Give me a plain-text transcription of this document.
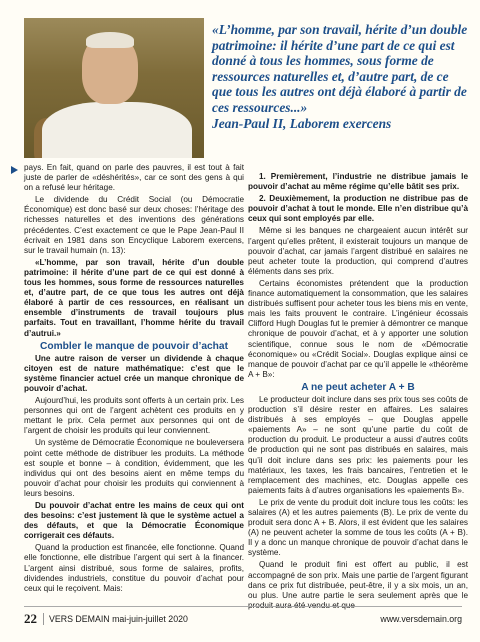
«L’homme, par son travail, hérite d’un double patrimoine: il hérite d’une part de ce qui est donné à tous les hommes, sous forme de ressources naturelles et, d’autre part, de ce que tous les autres ont déjà élaboré à partir de ces ressources...»
Jean-Paul II, Laborem exercens

pays. En fait, quand on parle des pauvres, il est tout à fait juste de parler de «déshérités», car ce sont des gens à qui on a refusé leur héritage.

Le dividende du Crédit Social (ou Démocratie Économique) est donc basé sur deux choses: l’héritage des richesses naturelles et des inventions des générations précédentes. C’est exactement ce que le Pape Jean-Paul II écrivait en 1981 dans son Encyclique Laborem exercens, sur le travail humain (n. 13):

«L’homme, par son travail, hérite d’un double patrimoine: il hérite d’une part de ce qui est donné à tous les hommes, sous forme de ressources naturelles et, d’autre part, de ce que tous les autres ont déjà élaboré à partir de ces ressources, en réalisant un ensemble d’instruments de travail toujours plus parfaits. Tout en travaillant, l’homme hérite du travail d’autrui.»

Combler le manque de pouvoir d’achat

Une autre raison de verser un dividende à chaque citoyen est de nature mathématique: c’est que le système financier actuel crée un manque chronique de pouvoir d’achat.

Aujourd’hui, les produits sont offerts à un certain prix. Les personnes qui ont de l’argent achètent ces produits en y mettant le prix. Cela permet aux personnes qui ont de l’argent de choisir les produits qui leur conviennent.

Un système de Démocratie Économique ne bouleversera point cette méthode de distribuer les produits. La méthode est souple et bonne – à condition, évidemment, que les individus qui ont des besoins aient en même temps du pouvoir d’achat pour choisir les produits qui conviennent à leurs besoins.

Du pouvoir d’achat entre les mains de ceux qui ont des besoins: c’est justement là que le système actuel a des défauts, et que la Démocratie Économique corrigerait ces défauts.

Quand la production est financée, elle fonctionne. Quand elle fonctionne, elle distribue l’argent qui sert à la financer. L’argent ainsi distribué, sous forme de salaires, profits, dividendes industriels, constitue du pouvoir d’achat pour ceux qui le reçoivent. Mais:

1. Premièrement, l’industrie ne distribue jamais le pouvoir d’achat au même régime qu’elle bâtit ses prix.

2. Deuxièmement, la production ne distribue pas de pouvoir d’achat à tout le monde. Elle n’en distribue qu’à ceux qui sont employés par elle.

Même si les banques ne chargeaient aucun intérêt sur l’argent qu’elles prêtent, il existerait toujours un manque de pouvoir d’achat, car jamais l’argent distribué en salaires ne peut acheter toute la production, qui comprend d’autres éléments dans ses prix.

Certains économistes prétendent que la production finance automatiquement la consommation, que les salaires distribués suffisent pour acheter tous les biens mis en vente, mais les faits prouvent le contraire. L’ingénieur écossais Clifford Hugh Douglas fut le premier à démontrer ce manque chronique de pouvoir d’achat, et à y apporter une solution scientifique, connue sous le nom de «Démocratie économique» ou «Crédit Social». Douglas explique ainsi ce manque de pouvoir d’achat par ce qu’il appelle le «théorème A + B»:

A ne peut acheter A + B

Le producteur doit inclure dans ses prix tous ses coûts de production s’il désire rester en affaires. Les salaires distribués à ses employés – que Douglas appelle «paiements A» – ne sont qu’une partie du coût de production du produit. Le producteur a aussi d’autres coûts de production qui ne sont pas distribués en salaires, mais qu’il doit inclure dans ses prix: les paiements pour les matériaux, les taxes, les frais bancaires, l’entretien et le remplacement des machines, etc. Douglas appelle ces paiements faits à d’autres organisations les «paiements B».

Le prix de vente du produit doit inclure tous les coûts: les salaires (A) et les autres paiements (B). Le prix de vente du produit sera donc A + B. Alors, il est évident que les salaires (A) ne peuvent acheter la somme de tous les coûts (A + B). Il y a donc un manque chronique de pouvoir d’achat dans le système.

Quand le produit fini est offert au public, il est accompagné de son prix. Mais une partie de l’argent figurant dans ce prix fut distribuée, peut-être, il y a six mois, un an, ou plus. Une autre partie le sera seulement après que le produit aura été vendu et que

22 VERS DEMAIN mai-juin-juillet 2020	www.versdemain.org
